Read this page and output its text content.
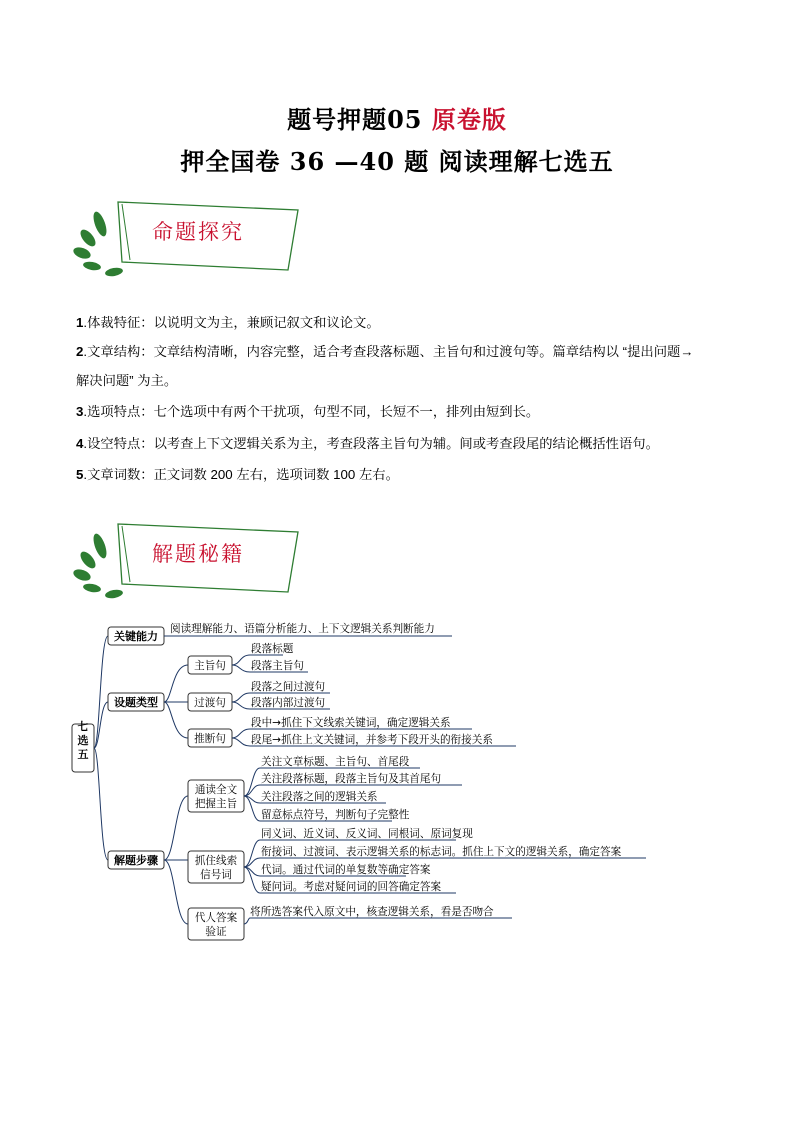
题号押题05 原卷版
押全国卷 36 —40 题 阅读理解七选五
命题探究
1.体裁特征：以说明文为主，兼顾记叙文和议论文。
2.文章结构：文章结构清晰，内容完整，适合考查段落标题、主旨句和过渡句等。篇章结构以 “提出问题→
解决问题” 为主。
3.选项特点：七个选项中有两个干扰项，句型不同，长短不一，排列由短到长。
4.设空特点：以考查上下文逻辑关系为主，考查段落主旨句为辅。间或考查段尾的结论概括性语句。
5.文章词数：正文词数 200 左右，选项词数 100 左右。
解题秘籍
七选五
关键能力
阅读理解能力、语篇分析能力、上下文逻辑关系判断能力
设题类型
主旨句
段落标题
段落主旨句
过渡句
段落之间过渡句
段落内部过渡句
推断句
段中→抓住下文线索关键词，确定逻辑关系
段尾→抓住上文关键词，并参考下段开头的衔接关系
解题步骤
通读全文
把握主旨
关注文章标题、主旨句、首尾段
关注段落标题，段落主旨句及其首尾句
关注段落之间的逻辑关系
留意标点符号，判断句子完整性
抓住线索
信号词
同义词、近义词、反义词、同根词、原词复现
衔接词、过渡词、表示逻辑关系的标志词。抓住上下文的逻辑关系，确定答案
代词。通过代词的单复数等确定答案
疑问词。考虑对疑问词的回答确定答案
代人答案
验证
将所选答案代入原文中，核查逻辑关系，看是否吻合
